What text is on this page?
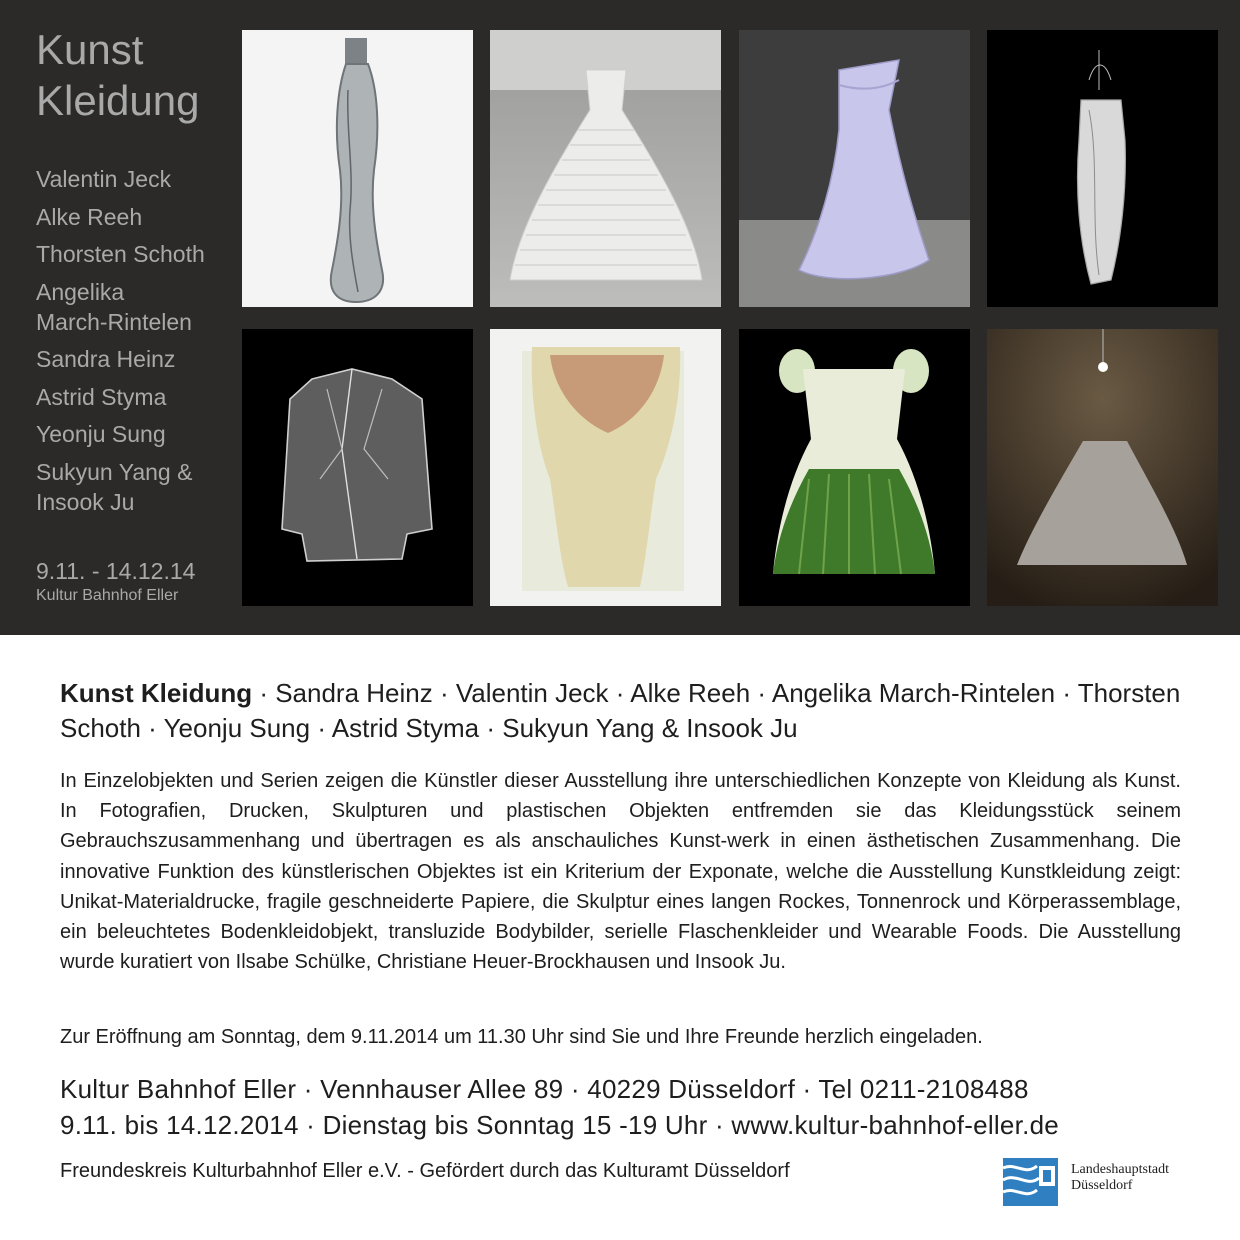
Kunst
Kleidung
Valentin Jeck
Alke Reeh
Thorsten Schoth
Angelika
March-Rintelen
Sandra Heinz
Astrid Styma
Yeonju Sung
Sukyun Yang &
Insook Ju
9.11. - 14.12.14
Kultur Bahnhof Eller
Kunst Kleidung · Sandra Heinz · Valentin Jeck · Alke Reeh · Angelika March-Rintelen · Thorsten Schoth · Yeonju Sung · Astrid Styma · Sukyun Yang & Insook Ju
In Einzelobjekten und Serien zeigen die Künstler dieser Ausstellung ihre unterschiedlichen Konzepte von Kleidung als Kunst. In Fotografien, Drucken, Skulpturen und plastischen Objekten entfremden sie das Kleidungsstück seinem Gebrauchszusammenhang und übertragen es als anschauliches Kunst-werk in einen ästhetischen Zusammenhang. Die innovative Funktion des künstlerischen Objektes ist ein Kriterium der Exponate, welche die Ausstellung Kunstkleidung zeigt: Unikat-Materialdrucke, fragile geschneiderte Papiere, die Skulptur eines langen Rockes, Tonnenrock und Körperassemblage, ein beleuchtetes Bodenkleidobjekt, transluzide Bodybilder, serielle Flaschenkleider und Wearable Foods. Die Ausstellung wurde kuratiert von Ilsabe Schülke, Christiane Heuer-Brockhausen und Insook Ju.
Zur Eröffnung am Sonntag, dem 9.11.2014 um 11.30 Uhr sind Sie und Ihre Freunde herzlich eingeladen.
Kultur Bahnhof Eller · Vennhauser Allee 89 · 40229 Düsseldorf · Tel 0211-2108488
9.11. bis 14.12.2014 · Dienstag bis Sonntag 15 -19 Uhr · www.kultur-bahnhof-eller.de
Freundeskreis Kulturbahnhof Eller e.V. - Gefördert durch das Kulturamt Düsseldorf	Landeshauptstadt
Düsseldorf
